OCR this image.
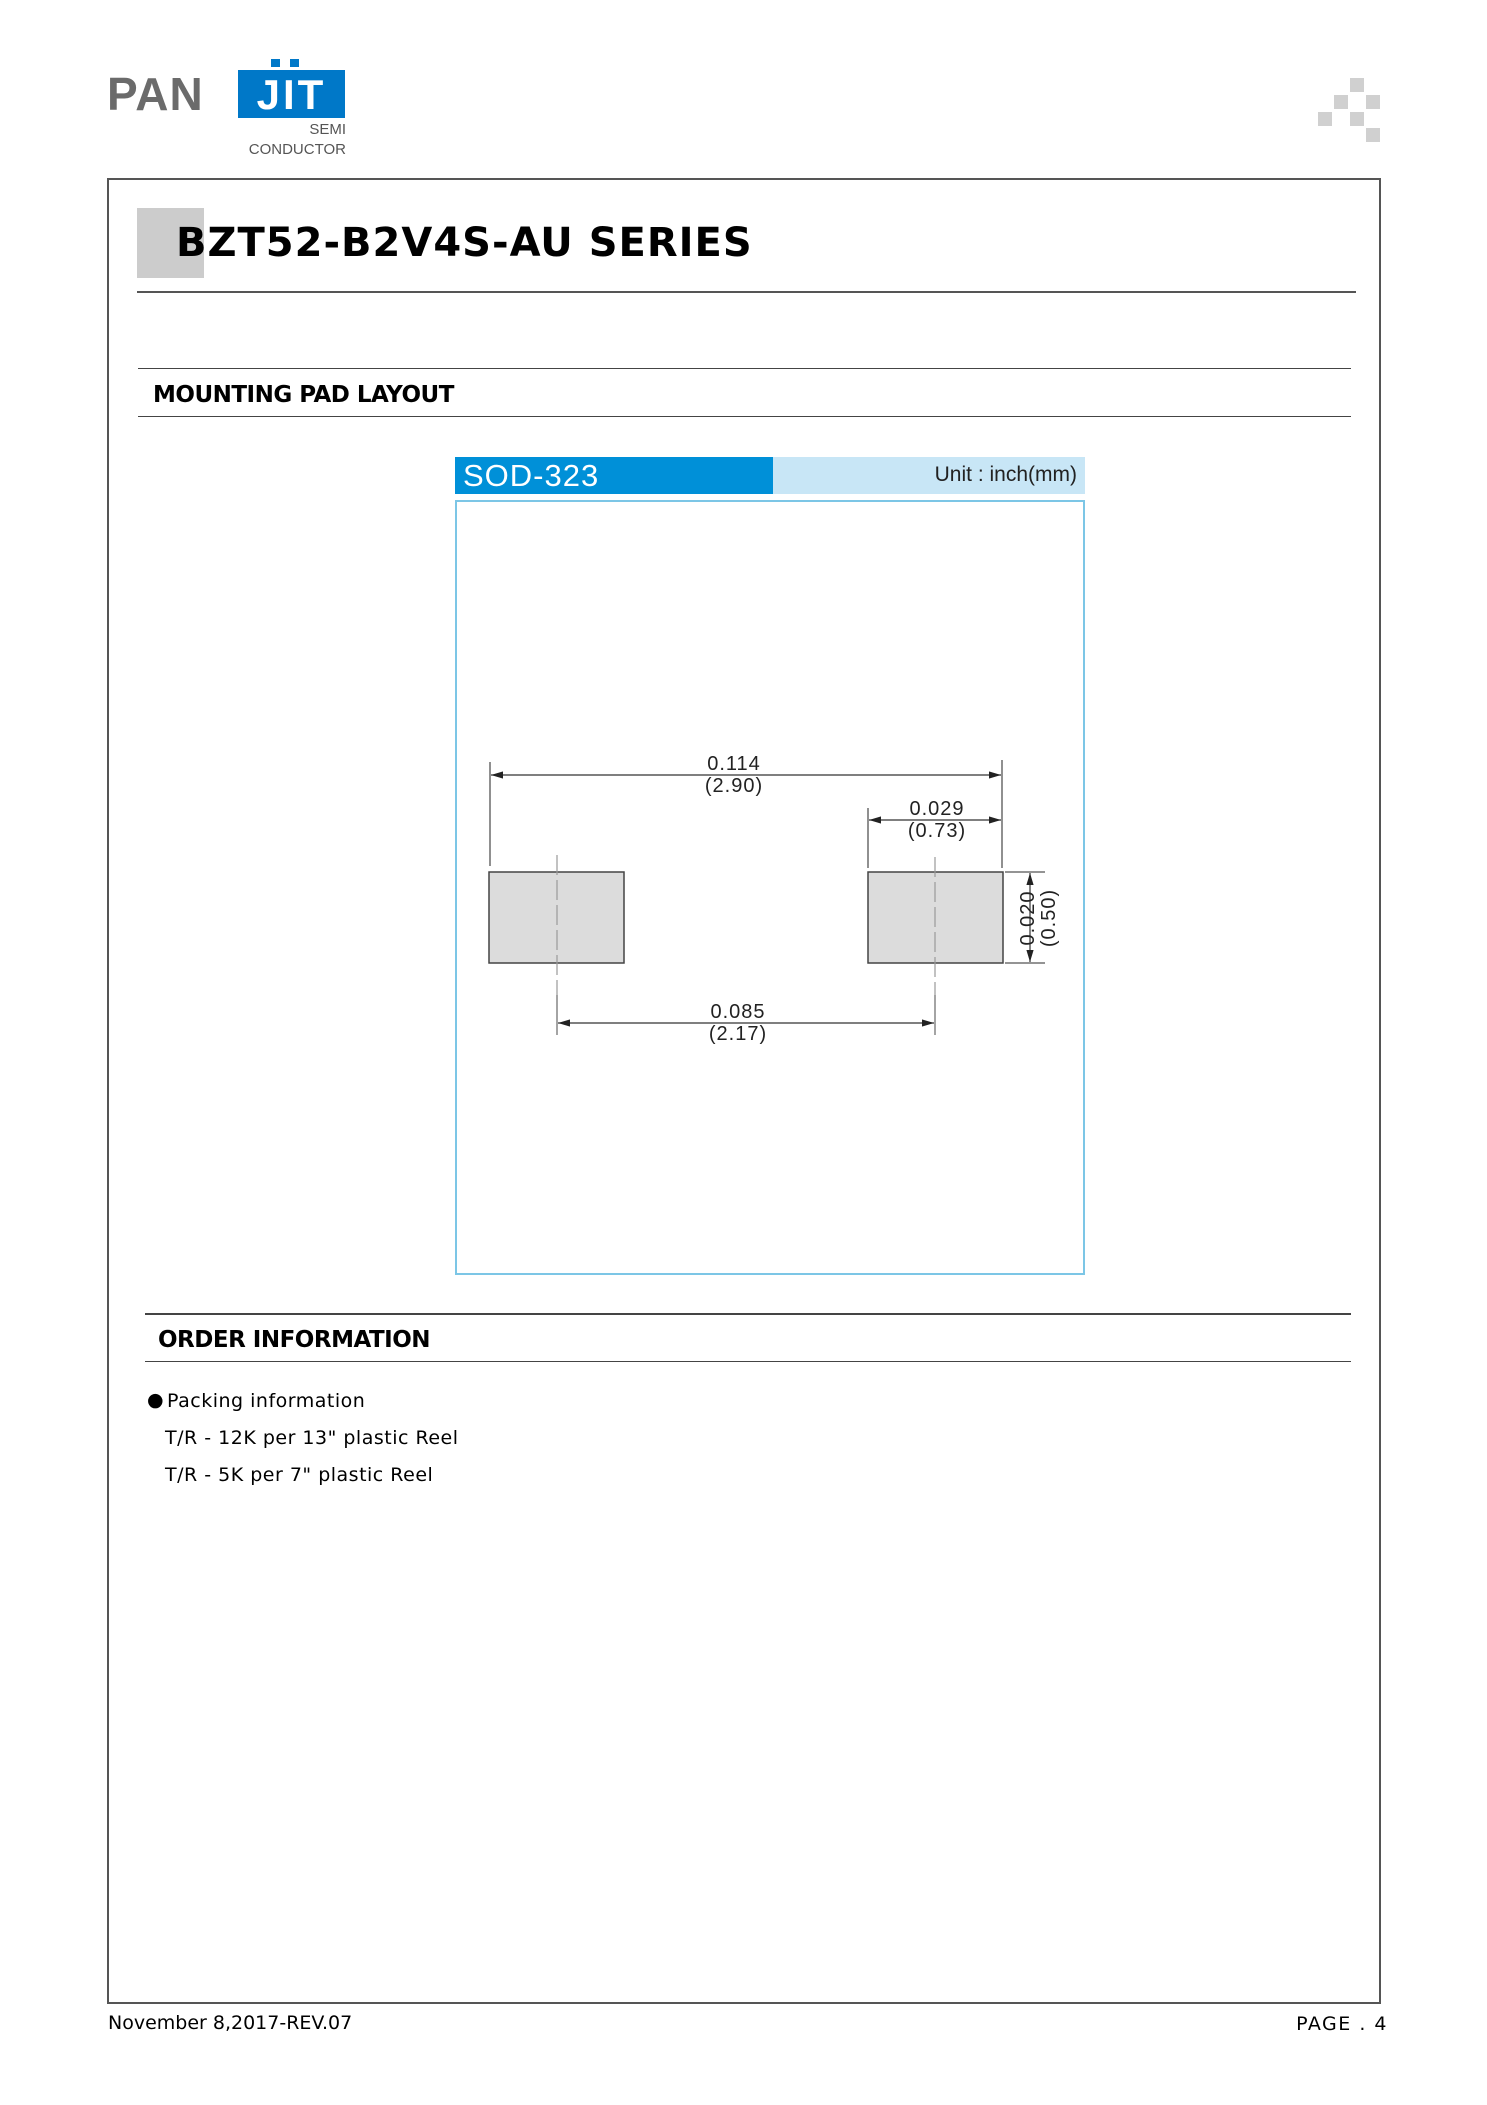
PAN	JIT
SEMI
CONDUCTOR
BZT52-B2V4S-AU SERIES
MOUNTING PAD LAYOUT
SOD-323	Unit : inch(mm)
0.114
(2.90)
0.029
(0.73)
0.085
(2.17)
0.020 (0.50)
ORDER INFORMATION
● Packing information
T/R - 12K per 13" plastic Reel
T/R - 5K per 7" plastic Reel
November 8,2017-REV.07	PAGE . 4
